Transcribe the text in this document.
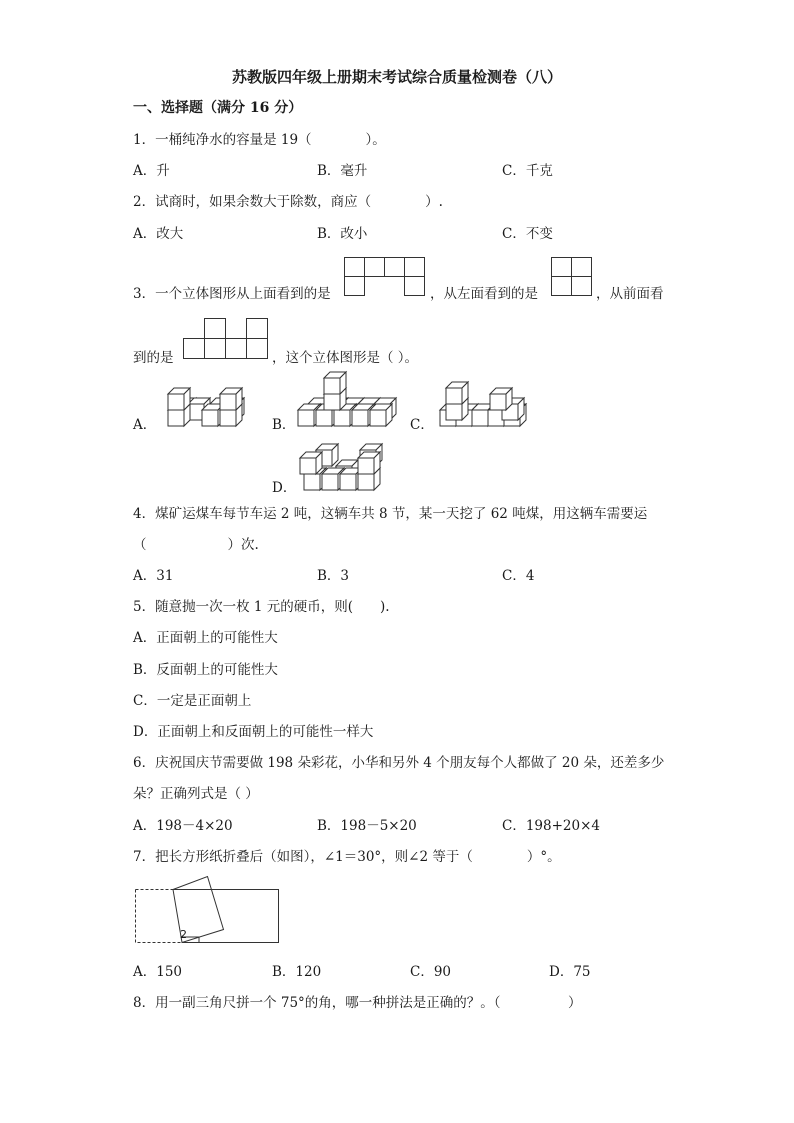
苏教版四年级上册期末考试综合质量检测卷（八）
一、选择题（满分 16 分）
1．一桶纯净水的容量是 19（　　　　）。
A．升	B．毫升	C．千克
2．试商时，如果余数大于除数，商应（　　　　）.
A．改大	B．改小	C．不变
3．一个立体图形从上面看到的是	，从左面看到的是	，从前面看
到的是	，这个立体图形是（ ）。
A．	B．	C．
D．
4．煤矿运煤车每节车运 2 吨，这辆车共 8 节，某一天挖了 62 吨煤，用这辆车需要运
（　　　　　　）次.
A．31	B．3	C．4
5．随意抛一次一枚 1 元的硬币，则(　　).
A．正面朝上的可能性大
B．反面朝上的可能性大
C．一定是正面朝上
D．正面朝上和反面朝上的可能性一样大
6．庆祝国庆节需要做 198 朵彩花，小华和另外 4 个朋友每个人都做了 20 朵，还差多少
朵？正确列式是（ ）
A．198－4×20	B．198－5×20	C．198+20×4
7．把长方形纸折叠后（如图），∠1＝30°，则∠2 等于（　　　　）°。
2
A．150	B．120	C．90	D．75
8．用一副三角尺拼一个 75°的角，哪一种拼法是正确的？。（　　　　　）
